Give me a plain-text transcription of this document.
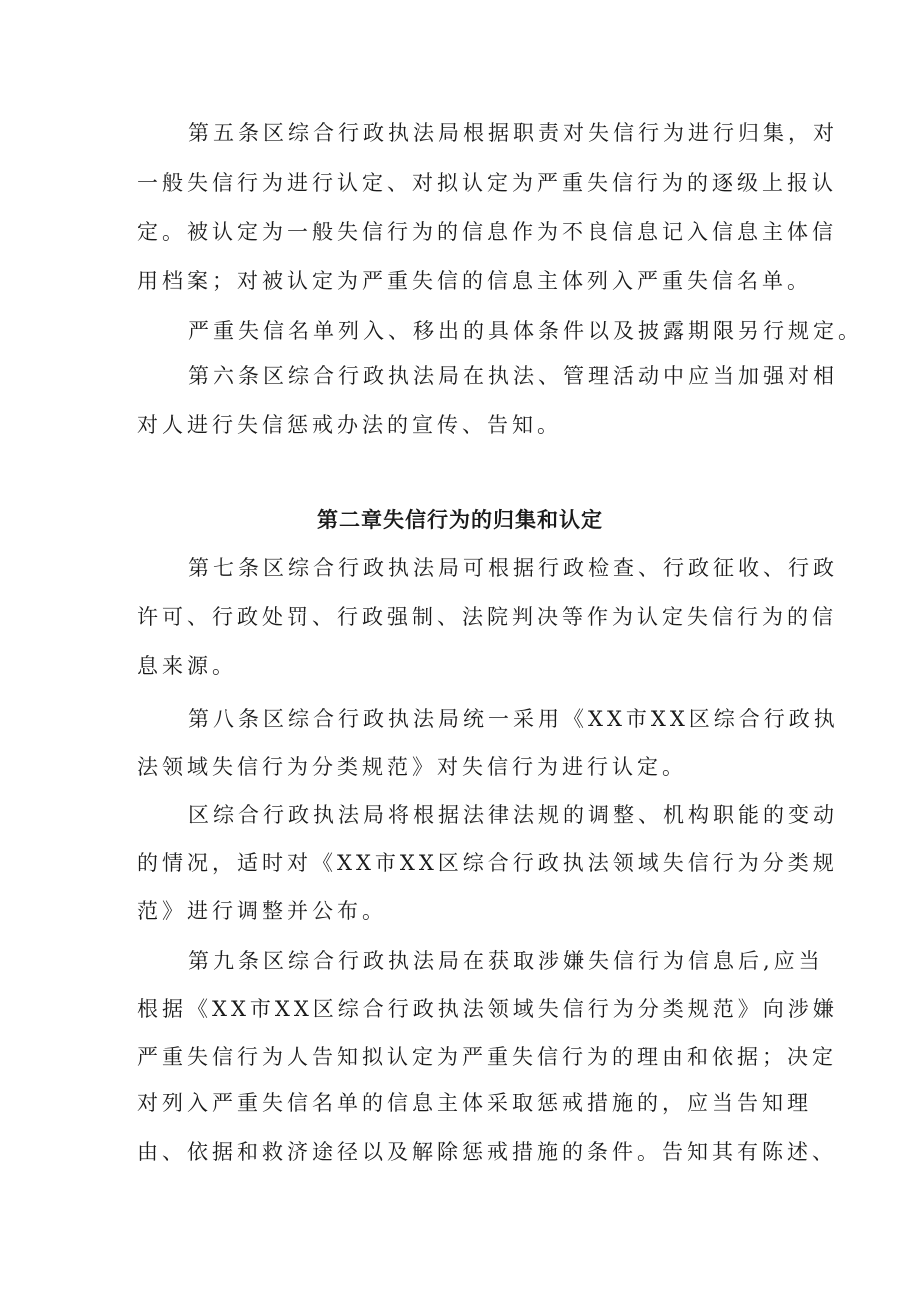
第五条区综合行政执法局根据职责对失信行为进行归集，对
一般失信行为进行认定、对拟认定为严重失信行为的逐级上报认
定。被认定为一般失信行为的信息作为不良信息记入信息主体信
用档案；对被认定为严重失信的信息主体列入严重失信名单。
严重失信名单列入、移出的具体条件以及披露期限另行规定。
第六条区综合行政执法局在执法、管理活动中应当加强对相
对人进行失信惩戒办法的宣传、告知。
第二章失信行为的归集和认定
第七条区综合行政执法局可根据行政检查、行政征收、行政
许可、行政处罚、行政强制、法院判决等作为认定失信行为的信
息来源。
第八条区综合行政执法局统一采用《XX市XX区综合行政执
法领域失信行为分类规范》对失信行为进行认定。
区综合行政执法局将根据法律法规的调整、机构职能的变动
的情况，适时对《XX市XX区综合行政执法领域失信行为分类规
范》进行调整并公布。
第九条区综合行政执法局在获取涉嫌失信行为信息后,应当
根据《XX市XX区综合行政执法领域失信行为分类规范》向涉嫌
严重失信行为人告知拟认定为严重失信行为的理由和依据；决定
对列入严重失信名单的信息主体采取惩戒措施的，应当告知理
由、依据和救济途径以及解除惩戒措施的条件。告知其有陈述、
